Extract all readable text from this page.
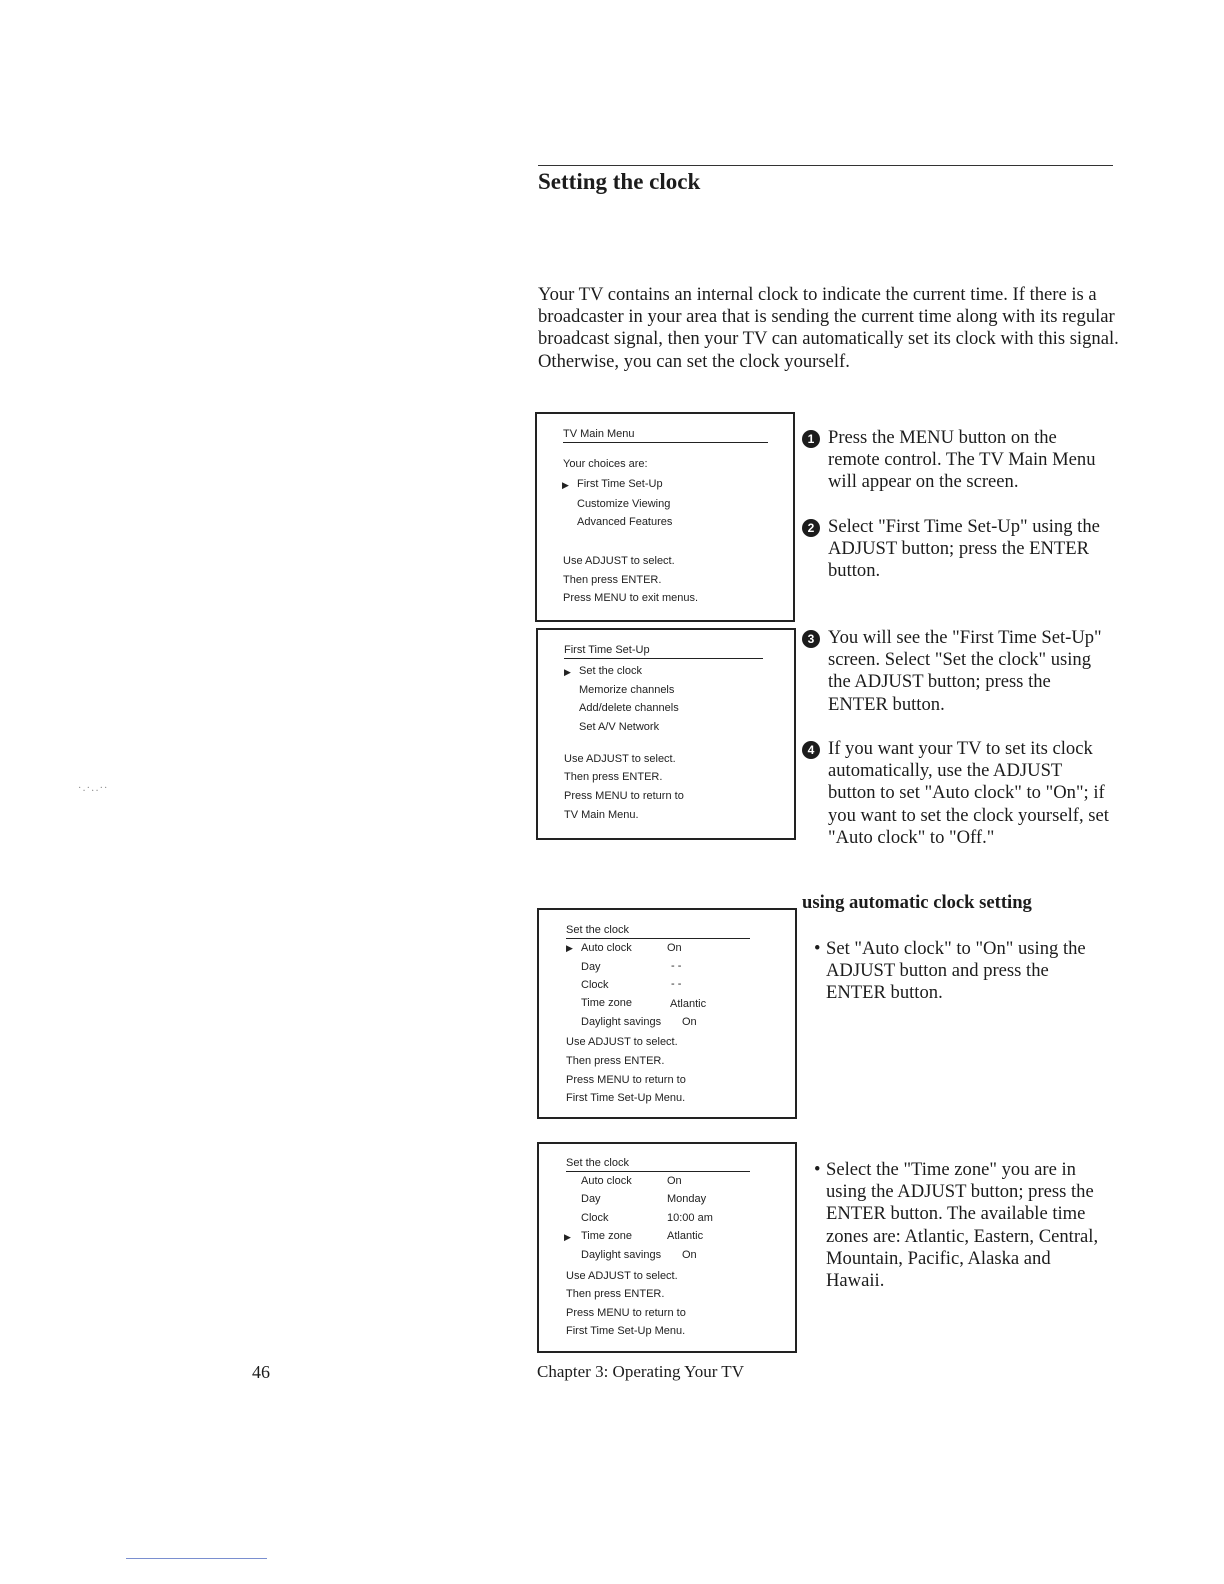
Setting the clock

Your TV contains an internal clock to indicate the current time. If there is a broadcaster in your area that is sending the current time along with its regular broadcast signal, then your TV can automatically set its clock with this signal. Otherwise, you can set the clock yourself.

TV Main Menu
Your choices are:
▶ First Time Set-Up
Customize Viewing
Advanced Features
Use ADJUST to select.
Then press ENTER.
Press MENU to exit menus.
First Time Set-Up
▶ Set the clock
Memorize channels
Add/delete channels
Set A/V Network
Use ADJUST to select.
Then press ENTER.
Press MENU to return to
TV Main Menu.
Set the clock
▶ Auto clock	On
Day	- -
Clock	- -
Time zone	Atlantic
Daylight savings On
Use ADJUST to select.
Then press ENTER.
Press MENU to return to
First Time Set-Up Menu.
Set the clock
Auto clock	On
Day	Monday
Clock	10:00 am
▶ Time zone	Atlantic
Daylight savings On
Use ADJUST to select.
Then press ENTER.
Press MENU to return to
First Time Set-Up Menu.
1 Press the MENU button on the remote control. The TV Main Menu will appear on the screen.
2 Select "First Time Set-Up" using the ADJUST button; press the ENTER button.
3 You will see the "First Time Set-Up" screen. Select "Set the clock" using the ADJUST button; press the ENTER button.
4 If you want your TV to set its clock automatically, use the ADJUST button to set "Auto clock" to "On"; if you want to set the clock yourself, set "Auto clock" to "Off."
using automatic clock setting
• Set "Auto clock" to "On" using the ADJUST button and press the ENTER button.
• Select the "Time zone" you are in using the ADJUST button; press the ENTER button. The available time zones are: Atlantic, Eastern, Central, Mountain, Pacific, Alaska and Hawaii.
46	Chapter 3: Operating Your TV
·․·․․··
